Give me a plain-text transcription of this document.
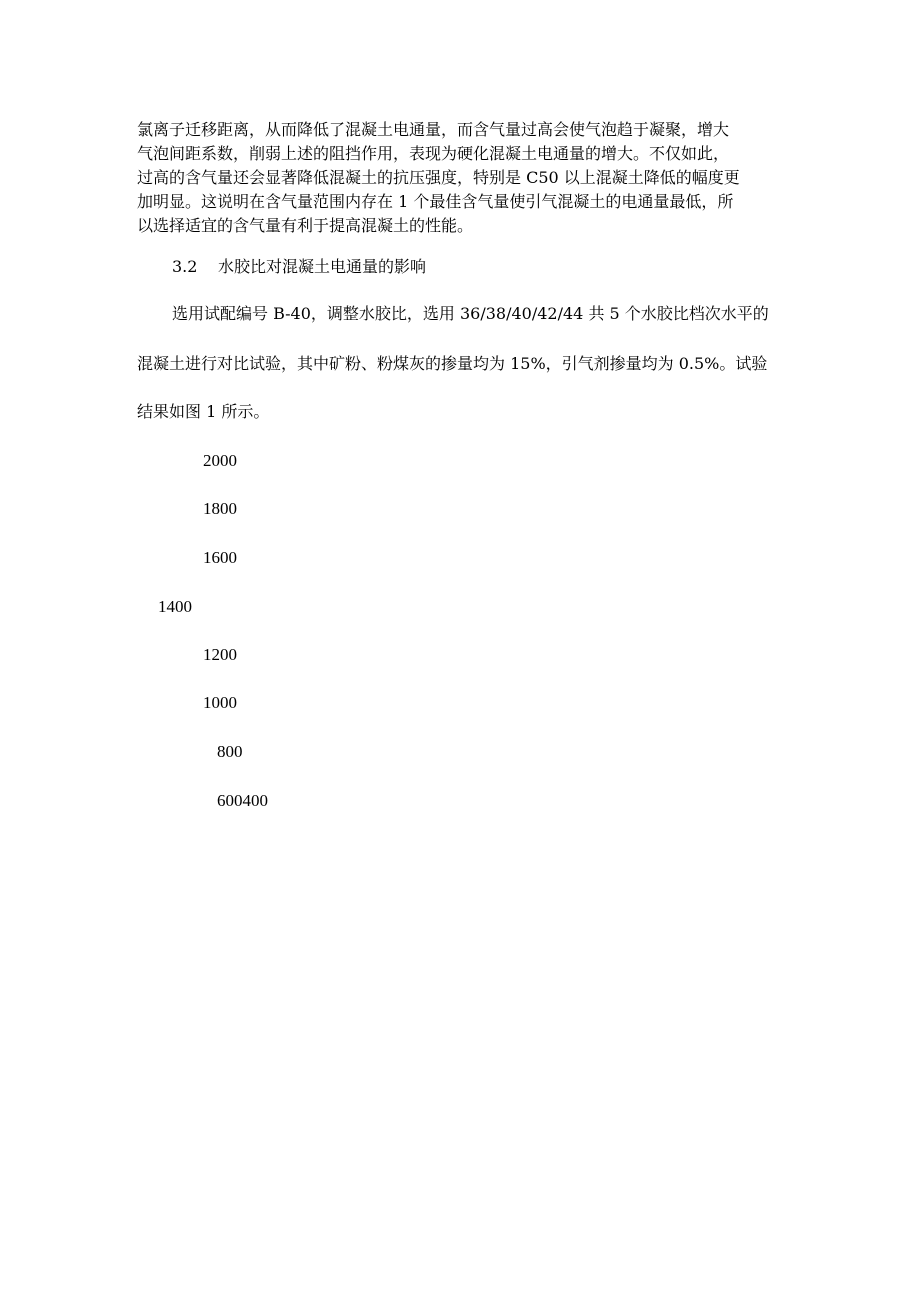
氯离子迁移距离，从而降低了混凝土电通量，而含气量过高会使气泡趋于凝聚，增大
气泡间距系数，削弱上述的阻挡作用，表现为硬化混凝土电通量的增大。不仅如此，
过高的含气量还会显著降低混凝土的抗压强度，特别是 C50 以上混凝土降低的幅度更
加明显。这说明在含气量范围内存在 1 个最佳含气量使引气混凝土的电通量最低，所
以选择适宜的含气量有利于提高混凝土的性能。
3.2 水胶比对混凝土电通量的影响
选用试配编号 B-40，调整水胶比，选用 36/38/40/42/44 共 5 个水胶比档次水平的
混凝土进行对比试验，其中矿粉、粉煤灰的掺量均为 15%，引气剂掺量均为 0.5%。试验
结果如图 1 所示。
2000
1800
1600
1400
1200
1000
800
600400
